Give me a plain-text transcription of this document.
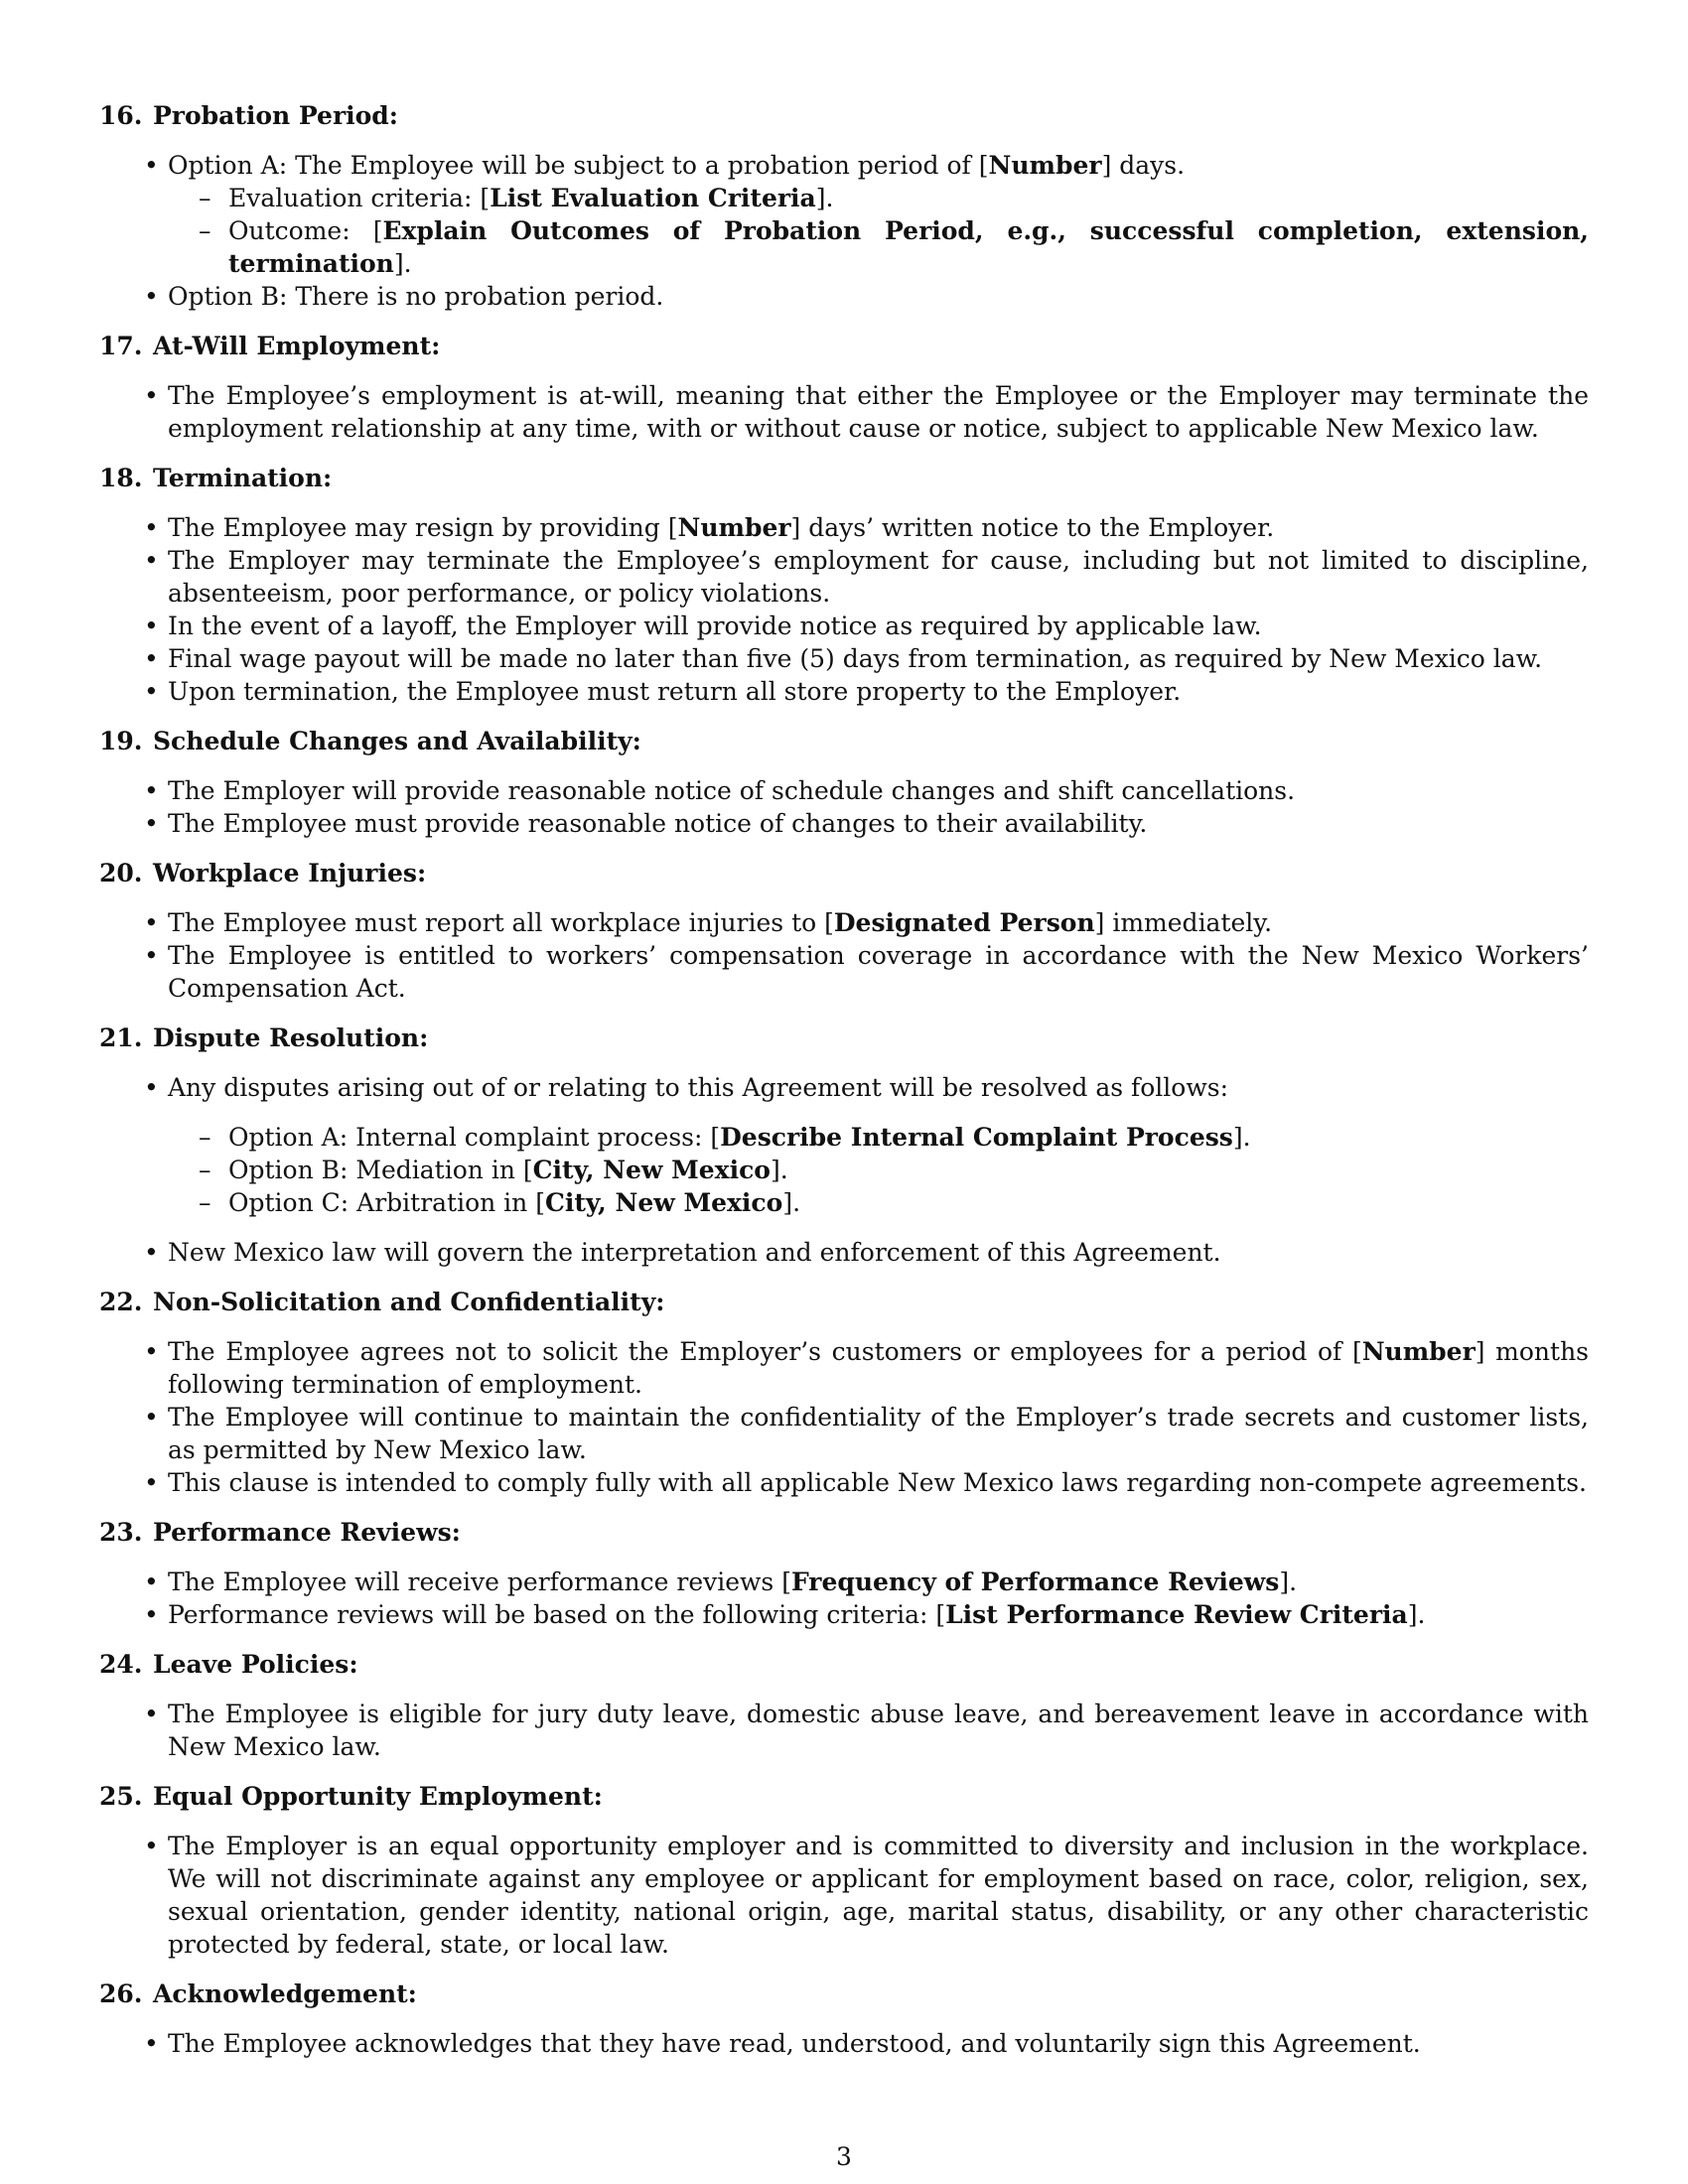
16. Probation Period:
• Option A: The Employee will be subject to a probation period of [Number] days.
– Evaluation criteria: [List Evaluation Criteria].
– Outcome: [Explain Outcomes of Probation Period, e.g., successful completion, extension, termination].
• Option B: There is no probation period.
17. At-Will Employment:
• The Employee’s employment is at-will, meaning that either the Employee or the Employer may terminate the employment relationship at any time, with or without cause or notice, subject to applicable New Mexico law.
18. Termination:
• The Employee may resign by providing [Number] days’ written notice to the Employer.
• The Employer may terminate the Employee’s employment for cause, including but not limited to discipline, absenteeism, poor performance, or policy violations.
• In the event of a layoff, the Employer will provide notice as required by applicable law.
• Final wage payout will be made no later than five (5) days from termination, as required by New Mexico law.
• Upon termination, the Employee must return all store property to the Employer.
19. Schedule Changes and Availability:
• The Employer will provide reasonable notice of schedule changes and shift cancellations.
• The Employee must provide reasonable notice of changes to their availability.
20. Workplace Injuries:
• The Employee must report all workplace injuries to [Designated Person] immediately.
• The Employee is entitled to workers’ compensation coverage in accordance with the New Mexico Workers’ Compensation Act.
21. Dispute Resolution:
• Any disputes arising out of or relating to this Agreement will be resolved as follows:
– Option A: Internal complaint process: [Describe Internal Complaint Process].
– Option B: Mediation in [City, New Mexico].
– Option C: Arbitration in [City, New Mexico].
• New Mexico law will govern the interpretation and enforcement of this Agreement.
22. Non-Solicitation and Confidentiality:
• The Employee agrees not to solicit the Employer’s customers or employees for a period of [Number] months following termination of employment.
• The Employee will continue to maintain the confidentiality of the Employer’s trade secrets and customer lists, as permitted by New Mexico law.
• This clause is intended to comply fully with all applicable New Mexico laws regarding non-compete agreements.
23. Performance Reviews:
• The Employee will receive performance reviews [Frequency of Performance Reviews].
• Performance reviews will be based on the following criteria: [List Performance Review Criteria].
24. Leave Policies:
• The Employee is eligible for jury duty leave, domestic abuse leave, and bereavement leave in accordance with New Mexico law.
25. Equal Opportunity Employment:
• The Employer is an equal opportunity employer and is committed to diversity and inclusion in the workplace. We will not discriminate against any employee or applicant for employment based on race, color, religion, sex, sexual orientation, gender identity, national origin, age, marital status, disability, or any other characteristic protected by federal, state, or local law.
26. Acknowledgement:
• The Employee acknowledges that they have read, understood, and voluntarily sign this Agreement.
3
